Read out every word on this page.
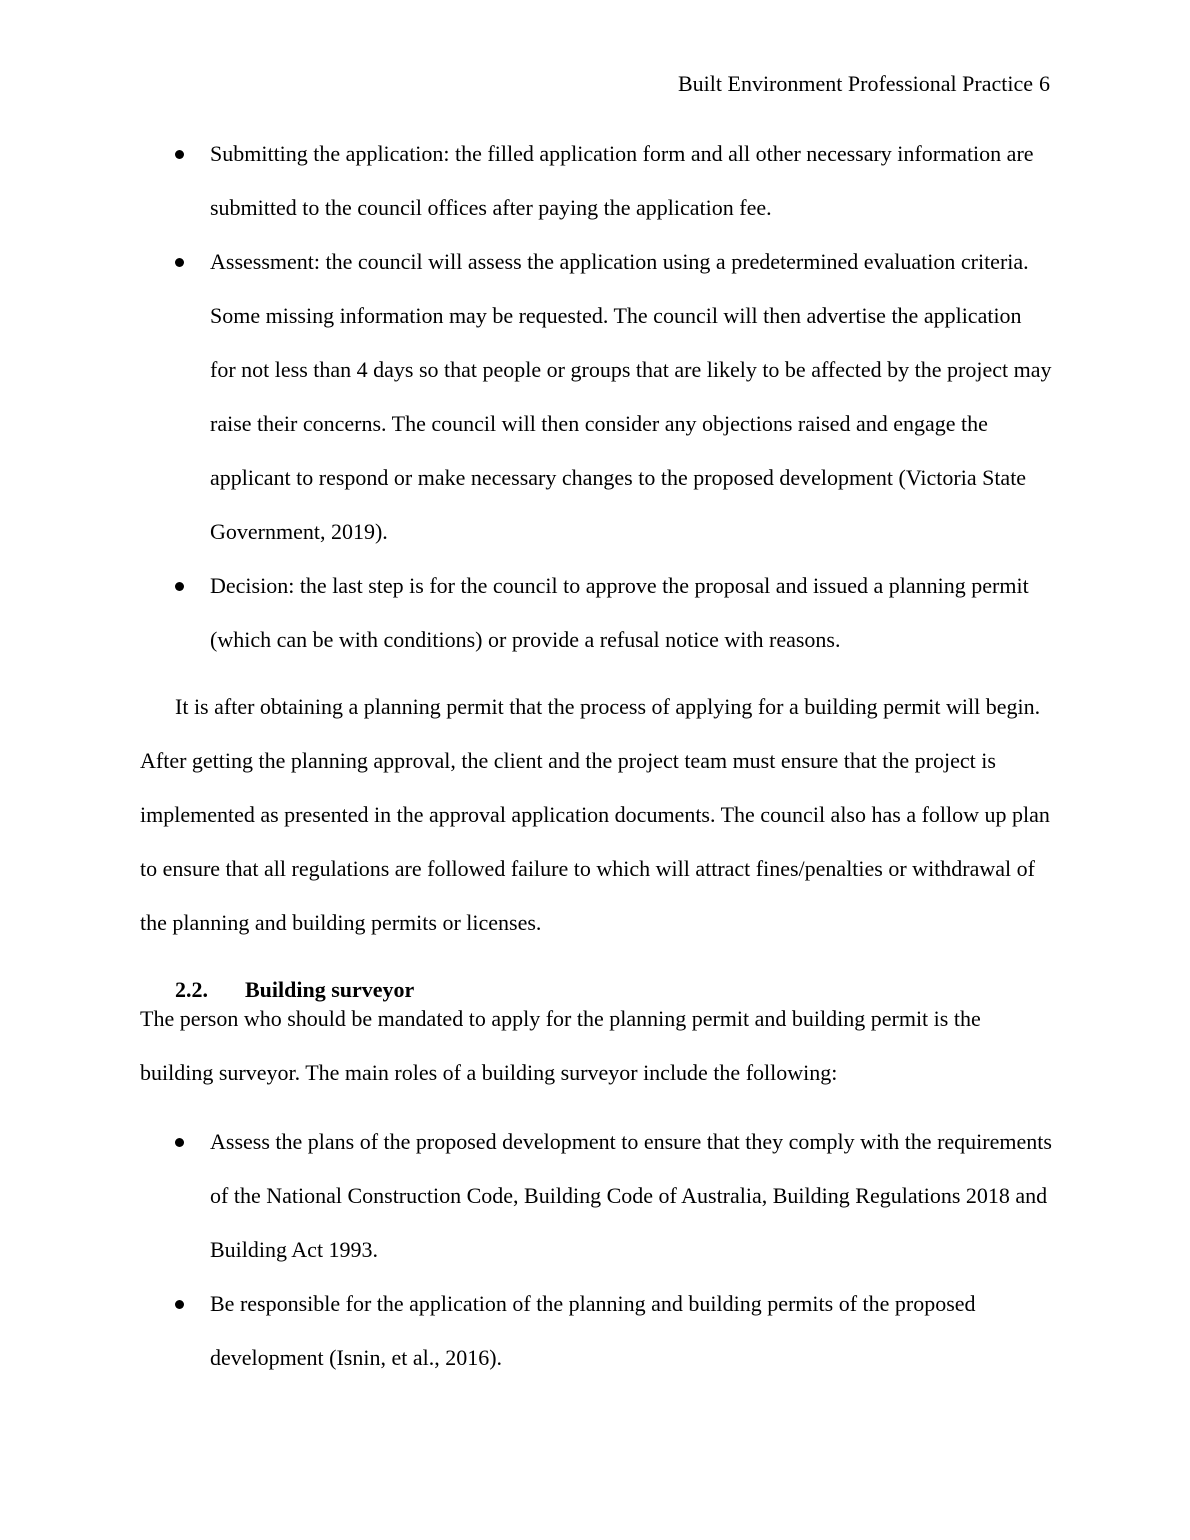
Built Environment Professional Practice 6
Submitting the application: the filled application form and all other necessary information are submitted to the council offices after paying the application fee.
Assessment: the council will assess the application using a predetermined evaluation criteria. Some missing information may be requested. The council will then advertise the application for not less than 4 days so that people or groups that are likely to be affected by the project may raise their concerns. The council will then consider any objections raised and engage the applicant to respond or make necessary changes to the proposed development (Victoria State Government, 2019).
Decision: the last step is for the council to approve the proposal and issued a planning permit (which can be with conditions) or provide a refusal notice with reasons.

It is after obtaining a planning permit that the process of applying for a building permit will begin. After getting the planning approval, the client and the project team must ensure that the project is implemented as presented in the approval application documents. The council also has a follow up plan to ensure that all regulations are followed failure to which will attract fines/penalties or withdrawal of the planning and building permits or licenses.

2.2. Building surveyor

The person who should be mandated to apply for the planning permit and building permit is the building surveyor. The main roles of a building surveyor include the following:

Assess the plans of the proposed development to ensure that they comply with the requirements of the National Construction Code, Building Code of Australia, Building Regulations 2018 and Building Act 1993.
Be responsible for the application of the planning and building permits of the proposed development (Isnin, et al., 2016).
